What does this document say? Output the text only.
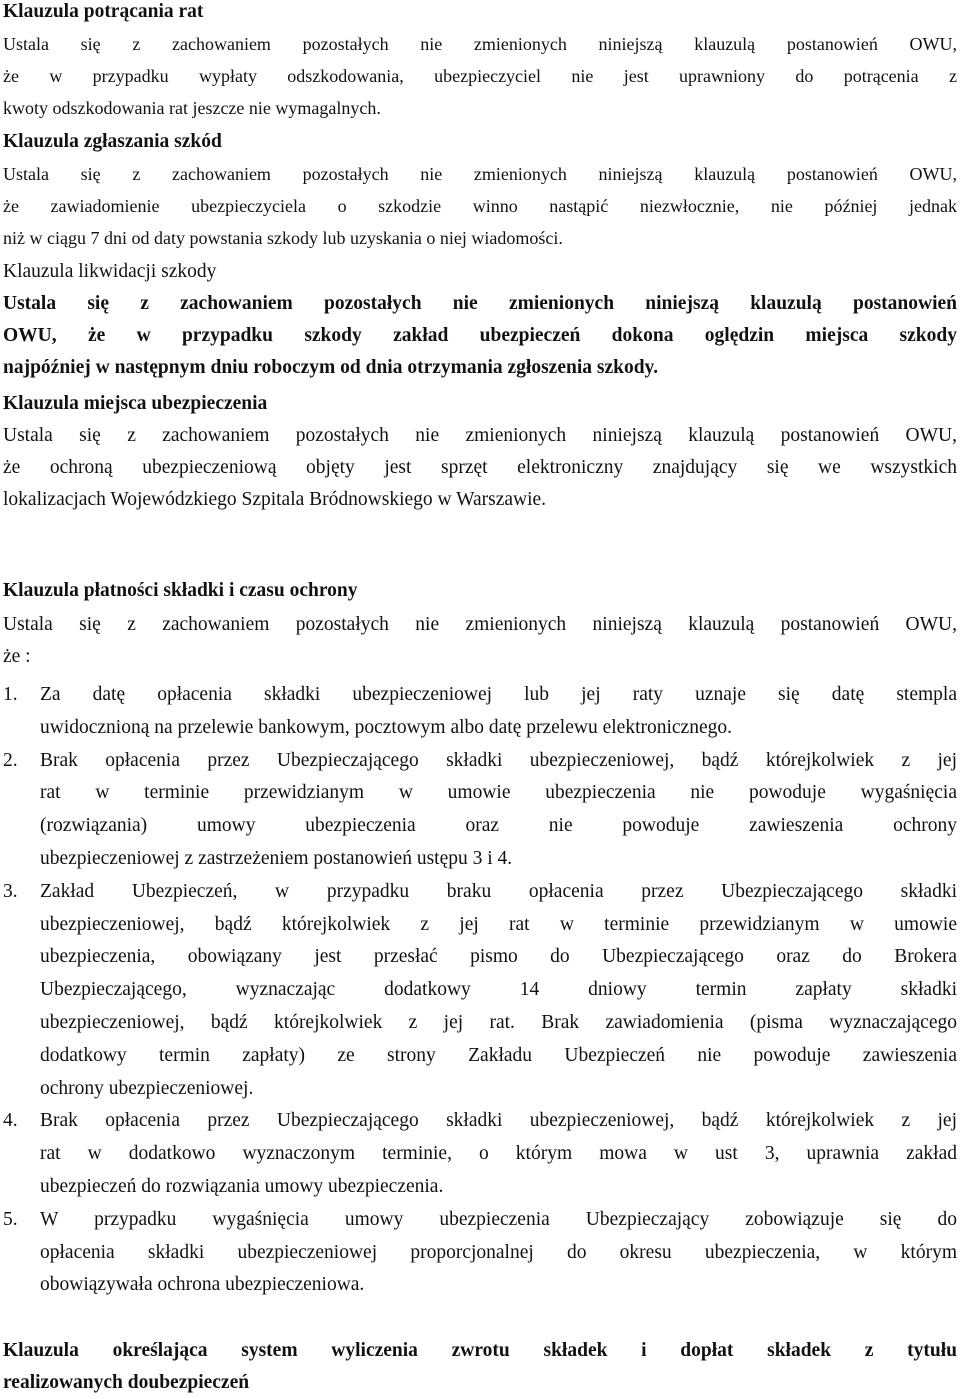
Klauzula potrącania rat
Ustala się z zachowaniem pozostałych nie zmienionych niniejszą klauzulą postanowień OWU,
że w przypadku wypłaty odszkodowania, ubezpieczyciel nie jest uprawniony do potrącenia z
kwoty odszkodowania rat jeszcze nie wymagalnych.
Klauzula zgłaszania szkód
Ustala się z zachowaniem pozostałych nie zmienionych niniejszą klauzulą postanowień OWU,
że zawiadomienie ubezpieczyciela o szkodzie winno nastąpić niezwłocznie, nie później jednak
niż w ciągu 7 dni od daty powstania szkody lub uzyskania o niej wiadomości.
Klauzula likwidacji szkody
Ustala się z zachowaniem pozostałych nie zmienionych niniejszą klauzulą postanowień
OWU, że w przypadku szkody zakład ubezpieczeń dokona oględzin miejsca szkody
najpóźniej w następnym dniu roboczym od dnia otrzymania zgłoszenia szkody.
Klauzula miejsca ubezpieczenia
Ustala się z zachowaniem pozostałych nie zmienionych niniejszą klauzulą postanowień OWU,
że ochroną ubezpieczeniową objęty jest sprzęt elektroniczny znajdujący się we wszystkich
lokalizacjach Wojewódzkiego Szpitala Bródnowskiego w Warszawie.
Klauzula płatności składki i czasu ochrony
Ustala się z zachowaniem pozostałych nie zmienionych niniejszą klauzulą postanowień OWU,
że :
1. Za datę opłacenia składki ubezpieczeniowej lub jej raty uznaje się datę stempla
uwidocznioną na przelewie bankowym, pocztowym albo datę przelewu elektronicznego.
2. Brak opłacenia przez Ubezpieczającego składki ubezpieczeniowej, bądź którejkolwiek z jej
rat w terminie przewidzianym w umowie ubezpieczenia nie powoduje wygaśnięcia
(rozwiązania) umowy ubezpieczenia oraz nie powoduje zawieszenia ochrony
ubezpieczeniowej z zastrzeżeniem postanowień ustępu 3 i 4.
3. Zakład Ubezpieczeń, w przypadku braku opłacenia przez Ubezpieczającego składki
ubezpieczeniowej, bądź którejkolwiek z jej rat w terminie przewidzianym w umowie
ubezpieczenia, obowiązany jest przesłać pismo do Ubezpieczającego oraz do Brokera
Ubezpieczającego, wyznaczając dodatkowy 14 dniowy termin zapłaty składki
ubezpieczeniowej, bądź którejkolwiek z jej rat. Brak zawiadomienia (pisma wyznaczającego
dodatkowy termin zapłaty) ze strony Zakładu Ubezpieczeń nie powoduje zawieszenia
ochrony ubezpieczeniowej.
4. Brak opłacenia przez Ubezpieczającego składki ubezpieczeniowej, bądź którejkolwiek z jej
rat w dodatkowo wyznaczonym terminie, o którym mowa w ust 3, uprawnia zakład
ubezpieczeń do rozwiązania umowy ubezpieczenia.
5. W przypadku wygaśnięcia umowy ubezpieczenia Ubezpieczający zobowiązuje się do
opłacenia składki ubezpieczeniowej proporcjonalnej do okresu ubezpieczenia, w którym
obowiązywała ochrona ubezpieczeniowa.
Klauzula określająca system wyliczenia zwrotu składek i dopłat składek z tytułu
realizowanych doubezpieczeń
